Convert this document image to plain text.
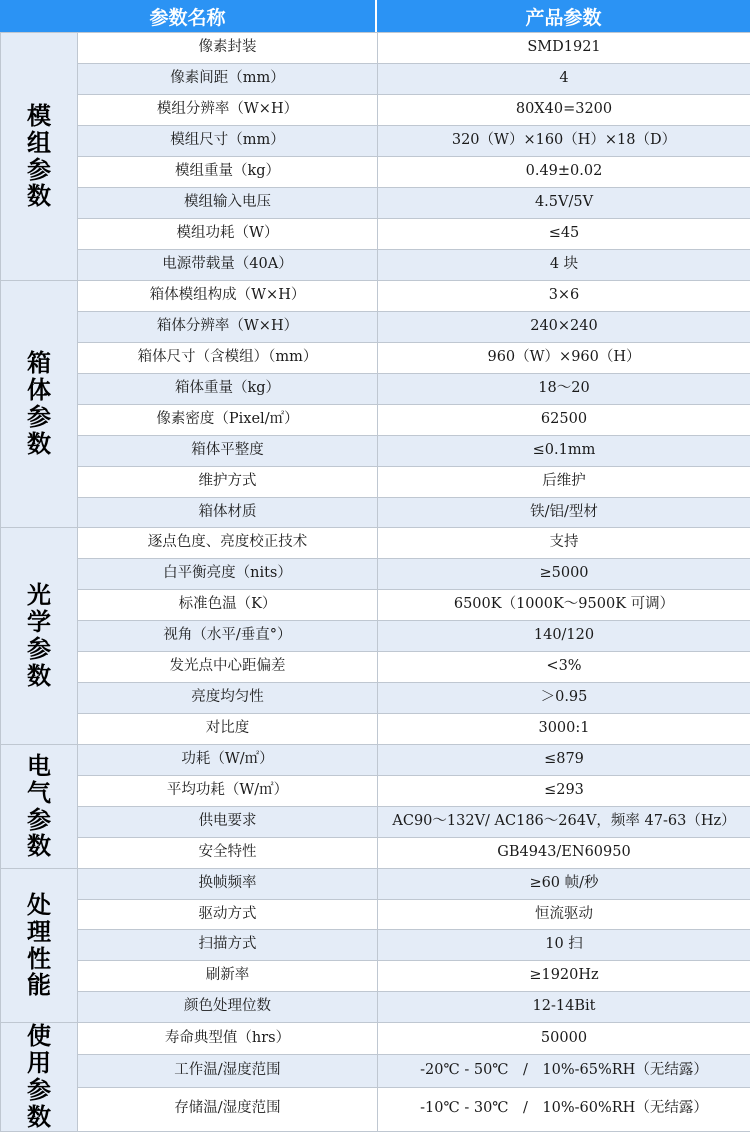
参数名称	产品参数
模组参数	像素封装	SMD1921
	像素间距（mm）	4
	模组分辨率（W×H）	80X40=3200
	模组尺寸（mm）	320（W）×160（H）×18（D）
	模组重量（kg）	0.49±0.02
	模组输入电压	4.5V/5V
	模组功耗（W）	≤45
	电源带载量（40A）	4 块
箱体参数	箱体模组构成（W×H）	3×6
	箱体分辨率（W×H）	240×240
	箱体尺寸（含模组）（mm）	960（W）×960（H）
	箱体重量（kg）	18～20
	像素密度（Pixel/㎡）	62500
	箱体平整度	≤0.1mm
	维护方式	后维护
	箱体材质	铁/铝/型材
光学参数	逐点色度、亮度校正技术	支持
	白平衡亮度（nits）	≥5000
	标准色温（K）	6500K（1000K～9500K 可调）
	视角（水平/垂直°）	140/120
	发光点中心距偏差	<3%
	亮度均匀性	＞0.95
	对比度	3000:1
电气参数	功耗（W/㎡）	≤879
	平均功耗（W/㎡）	≤293
	供电要求	AC90～132V/ AC186～264V，频率 47-63（Hz）
	安全特性	GB4943/EN60950
处理性能	换帧频率	≥60 帧/秒
	驱动方式	恒流驱动
	扫描方式	10 扫
	刷新率	≥1920Hz
	颜色处理位数	12-14Bit
使用参数	寿命典型值（hrs）	50000
	工作温/湿度范围	-20℃ - 50℃　/　10%-65%RH（无结露）
	存储温/湿度范围	-10℃ - 30℃　/　10%-60%RH（无结露）
